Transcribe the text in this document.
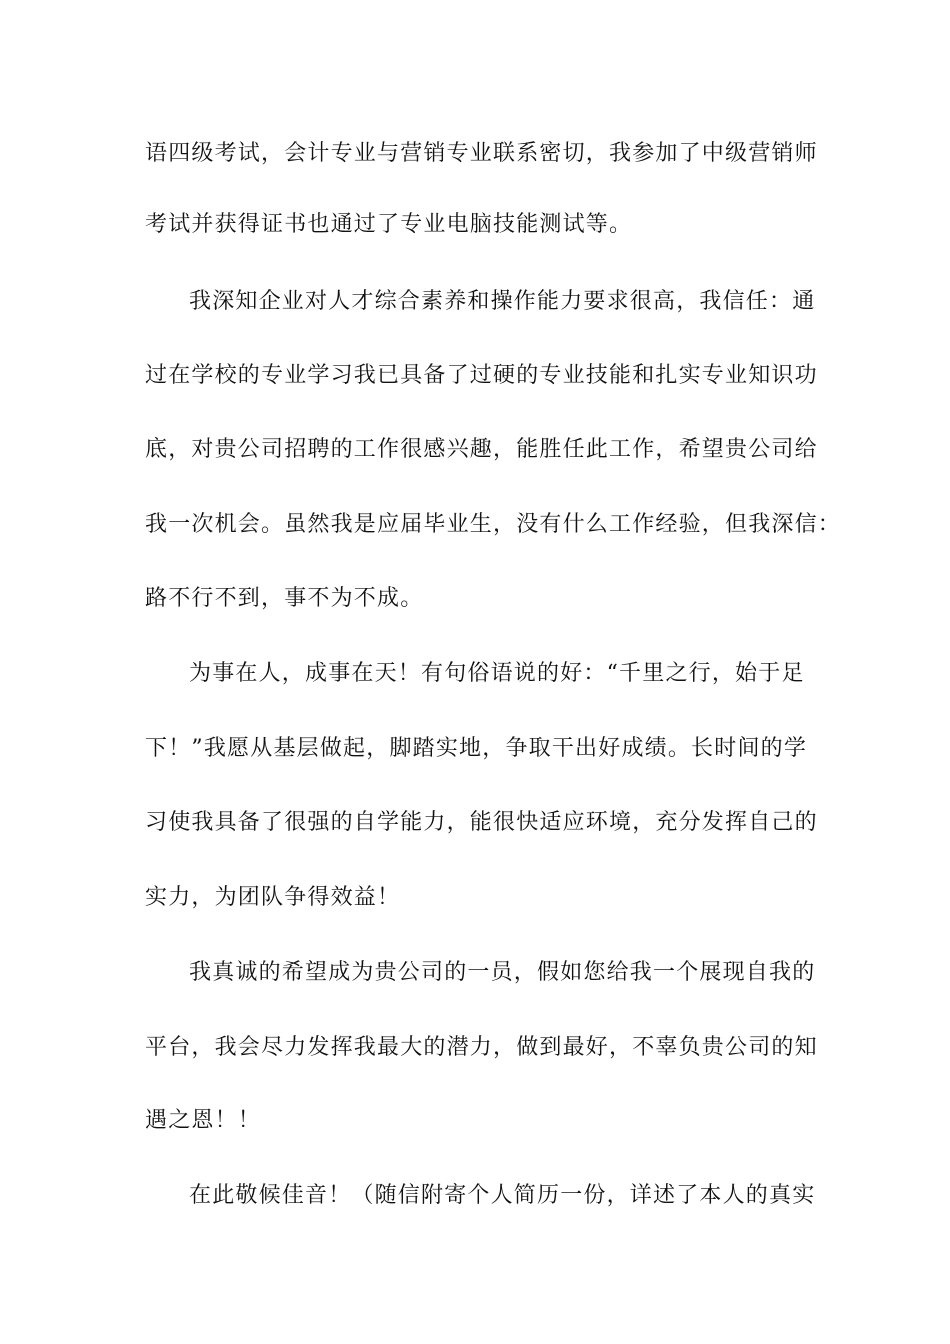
语四级考试，会计专业与营销专业联系密切，我参加了中级营销师
考试并获得证书也通过了专业电脑技能测试等。
我深知企业对人才综合素养和操作能力要求很高，我信任：通
过在学校的专业学习我已具备了过硬的专业技能和扎实专业知识功
底，对贵公司招聘的工作很感兴趣，能胜任此工作，希望贵公司给
我一次机会。虽然我是应届毕业生，没有什么工作经验，但我深信：
路不行不到，事不为不成。
为事在人，成事在天！有句俗语说的好：“千里之行，始于足
下！”我愿从基层做起，脚踏实地，争取干出好成绩。长时间的学
习使我具备了很强的自学能力，能很快适应环境，充分发挥自己的
实力，为团队争得效益！
我真诚的希望成为贵公司的一员，假如您给我一个展现自我的
平台，我会尽力发挥我最大的潜力，做到最好，不辜负贵公司的知
遇之恩！！
在此敬候佳音！（随信附寄个人简历一份，详述了本人的真实
